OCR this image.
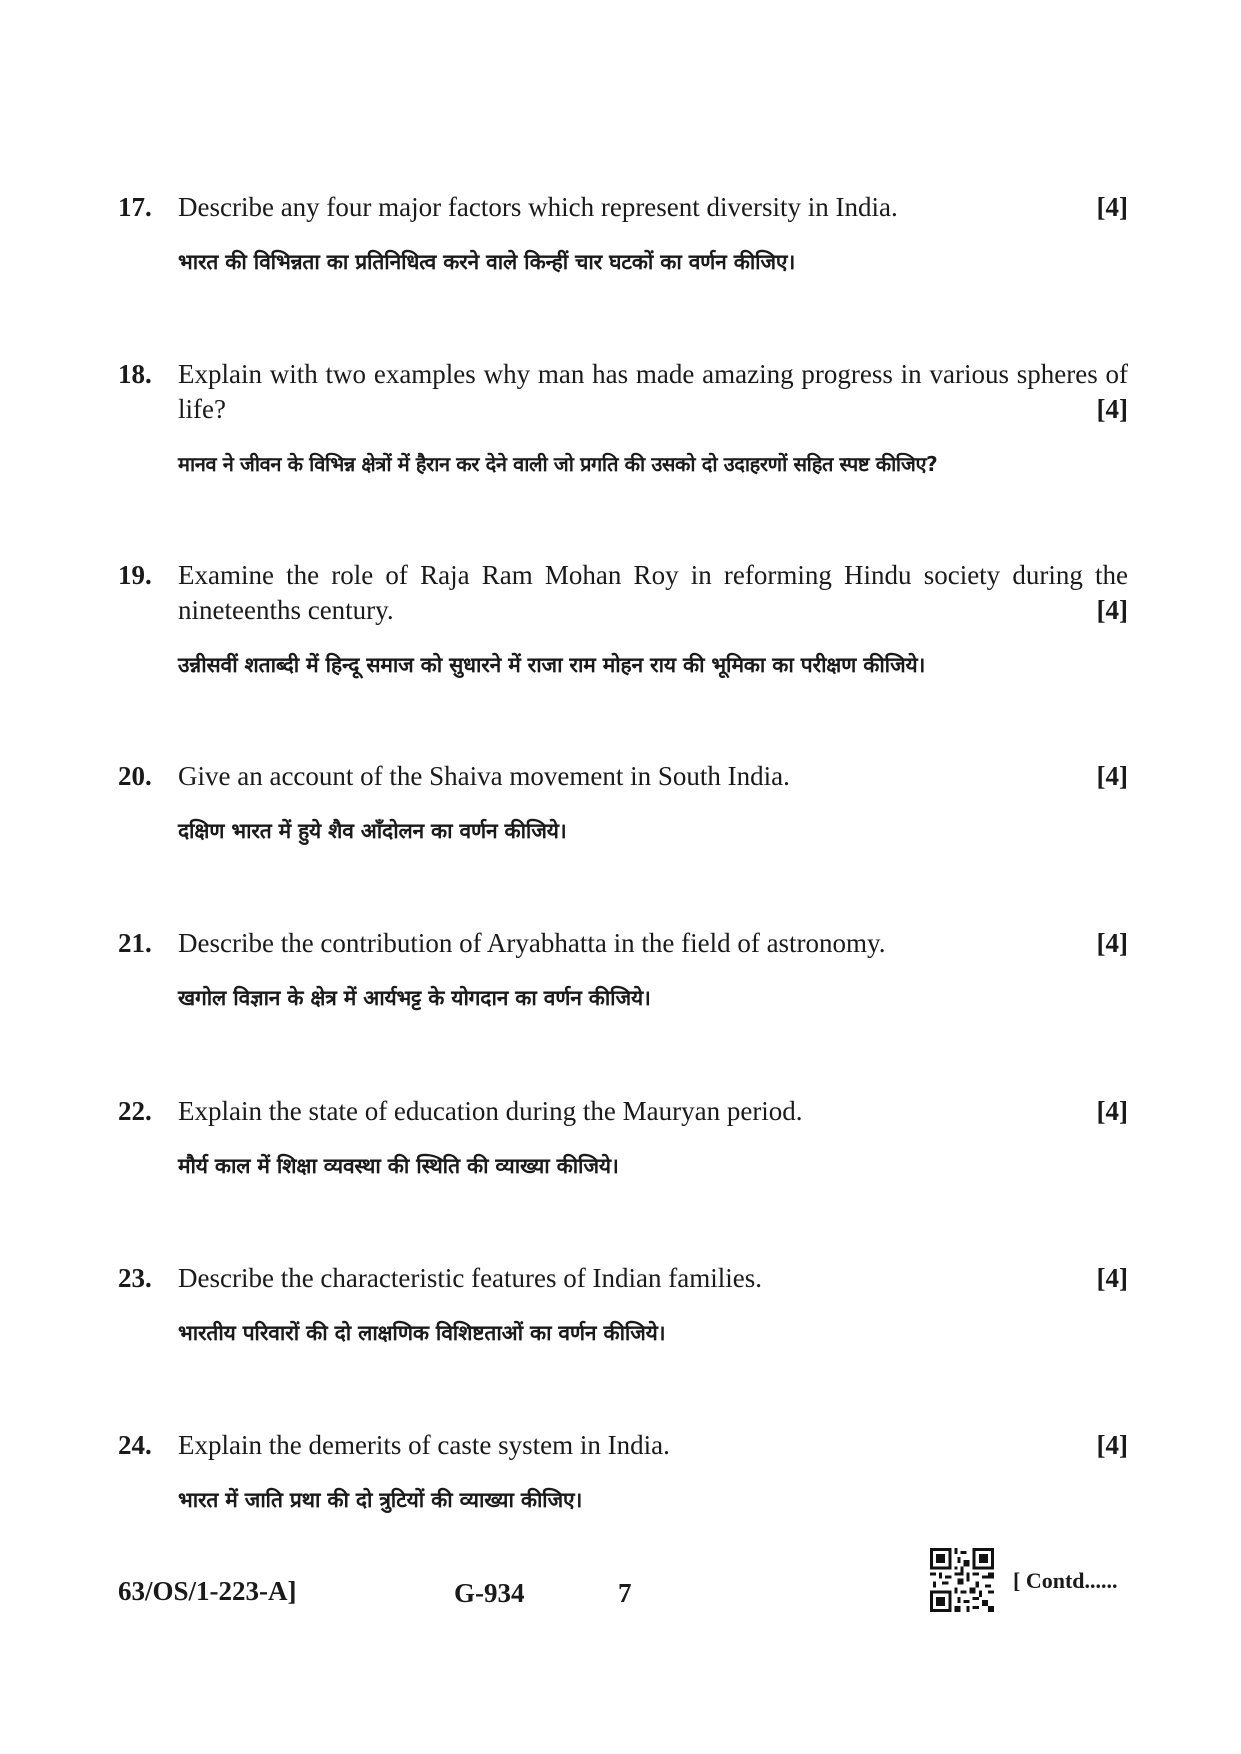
17.	[4]
Describe any four major factors which represent diversity in India.
भारत की विभिन्नता का प्रतिनिधित्व करने वाले किन्हीं चार घटकों का वर्णन कीजिए।
18. Explain with two examples why man has made amazing progress in various spheres of life?	[4]
मानव ने जीवन के विभिन्न क्षेत्रों में हैरान कर देने वाली जो प्रगति की उसको दो उदाहरणों सहित स्पष्ट कीजिए?
19. Examine the role of Raja Ram Mohan Roy in reforming Hindu society during the nineteenths century.	[4]
उन्नीसवीं शताब्दी में हिन्दू समाज को सुधारने में राजा राम मोहन राय की भूमिका का परीक्षण कीजिये।
20.	[4]
Give an account of the Shaiva movement in South India.
दक्षिण भारत में हुये शैव आँदोलन का वर्णन कीजिये।
21.	[4]
Describe the contribution of Aryabhatta in the field of astronomy.
खगोल विज्ञान के क्षेत्र में आर्यभट्ट के योगदान का वर्णन कीजिये।
22.	[4]
Explain the state of education during the Mauryan period.
मौर्य काल में शिक्षा व्यवस्था की स्थिति की व्याख्या कीजिये।
23.	[4]
Describe the characteristic features of Indian families.
भारतीय परिवारों की दो लाक्षणिक विशिष्टताओं का वर्णन कीजिये।
24.	[4]
Explain the demerits of caste system in India.
भारत में जाति प्रथा की दो त्रुटियों की व्याख्या कीजिए।
63/OS/1-223-A]	G-934	7	[ Contd......
